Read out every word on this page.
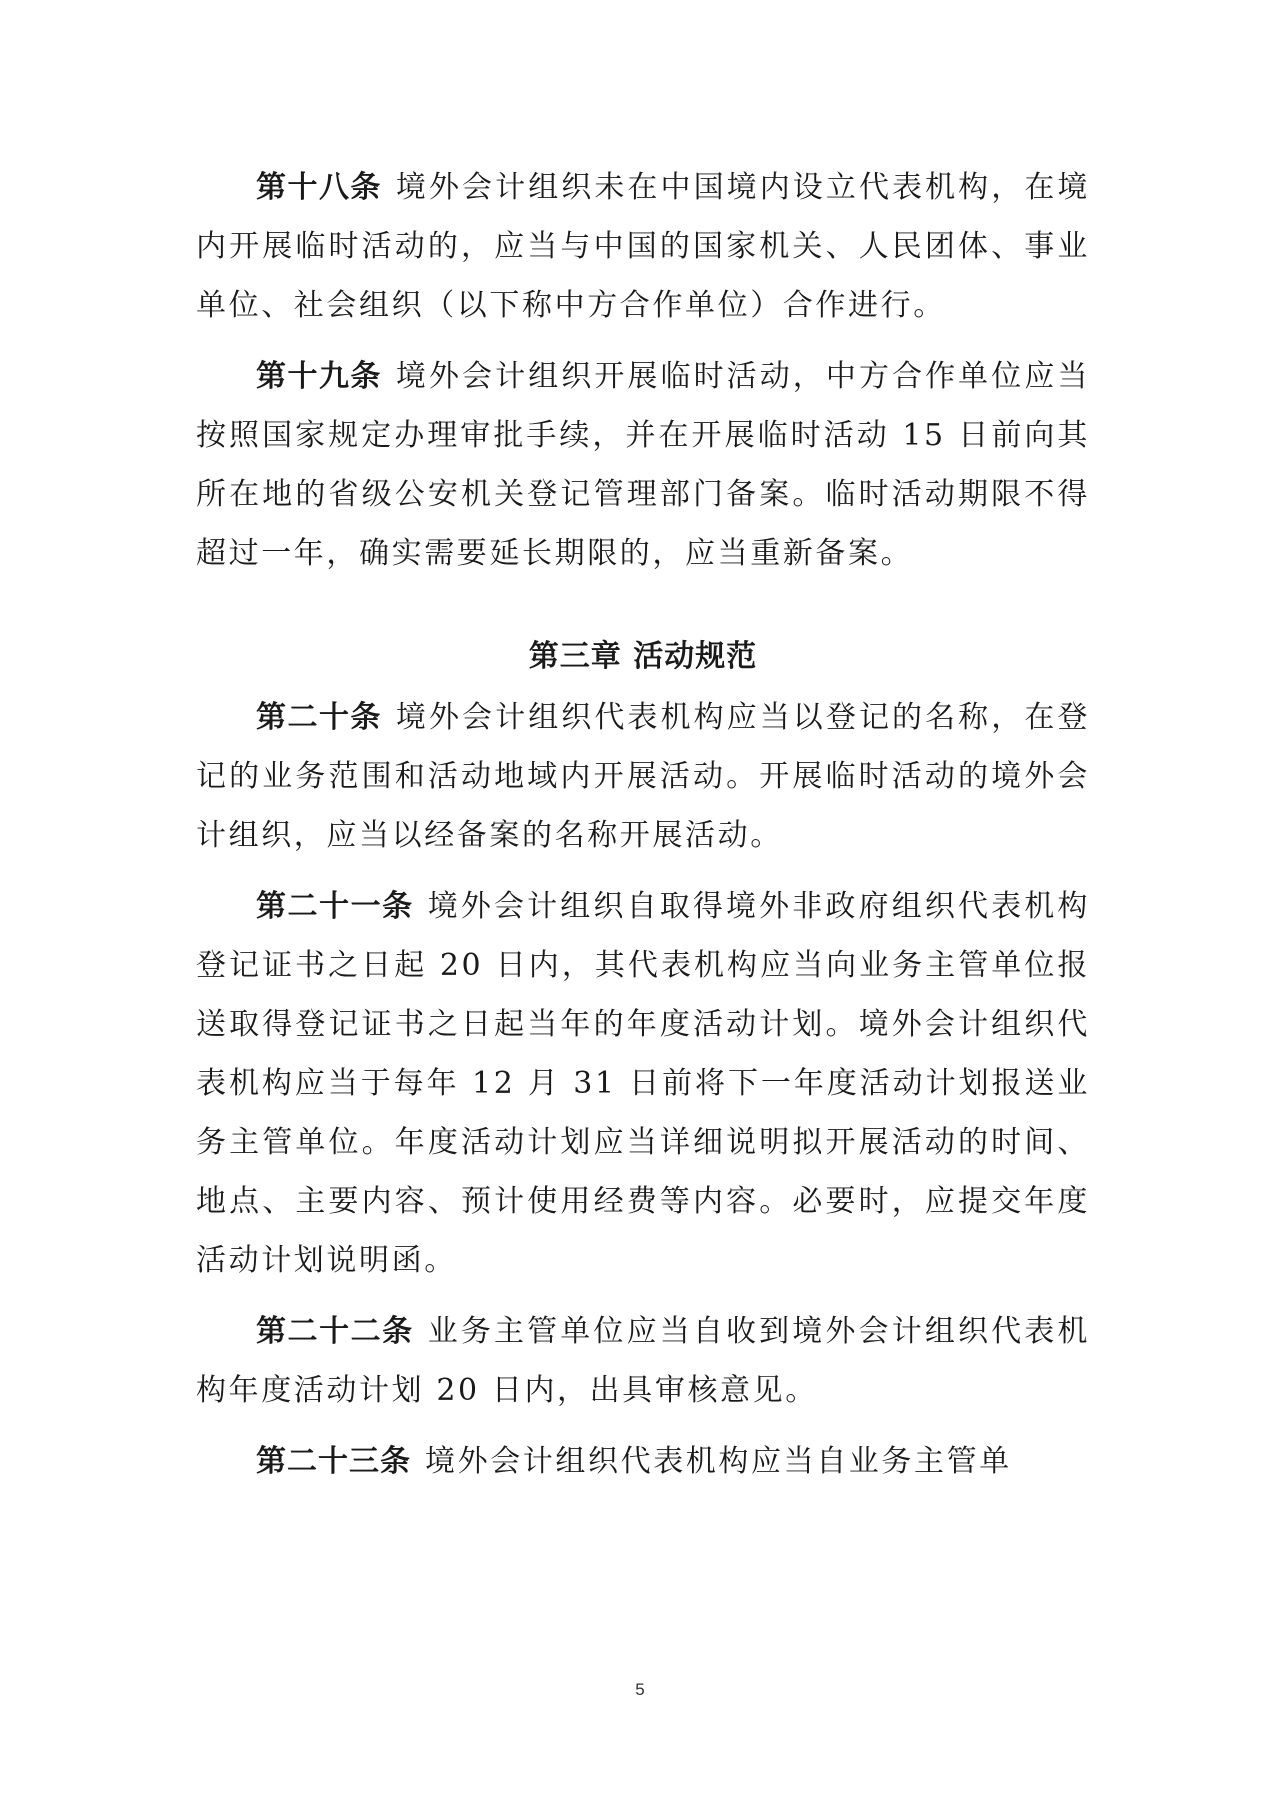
第十八条 境外会计组织未在中国境内设立代表机构，在境内开展临时活动的，应当与中国的国家机关、人民团体、事业单位、社会组织（以下称中方合作单位）合作进行。

第十九条 境外会计组织开展临时活动，中方合作单位应当按照国家规定办理审批手续，并在开展临时活动 15 日前向其所在地的省级公安机关登记管理部门备案。临时活动期限不得超过一年，确实需要延长期限的，应当重新备案。

第三章 活动规范

第二十条 境外会计组织代表机构应当以登记的名称，在登记的业务范围和活动地域内开展活动。开展临时活动的境外会计组织，应当以经备案的名称开展活动。

第二十一条 境外会计组织自取得境外非政府组织代表机构登记证书之日起 20 日内，其代表机构应当向业务主管单位报送取得登记证书之日起当年的年度活动计划。境外会计组织代表机构应当于每年 12 月 31 日前将下一年度活动计划报送业务主管单位。年度活动计划应当详细说明拟开展活动的时间、地点、主要内容、预计使用经费等内容。必要时，应提交年度活动计划说明函。

第二十二条 业务主管单位应当自收到境外会计组织代表机构年度活动计划 20 日内，出具审核意见。

第二十三条 境外会计组织代表机构应当自业务主管单

5
